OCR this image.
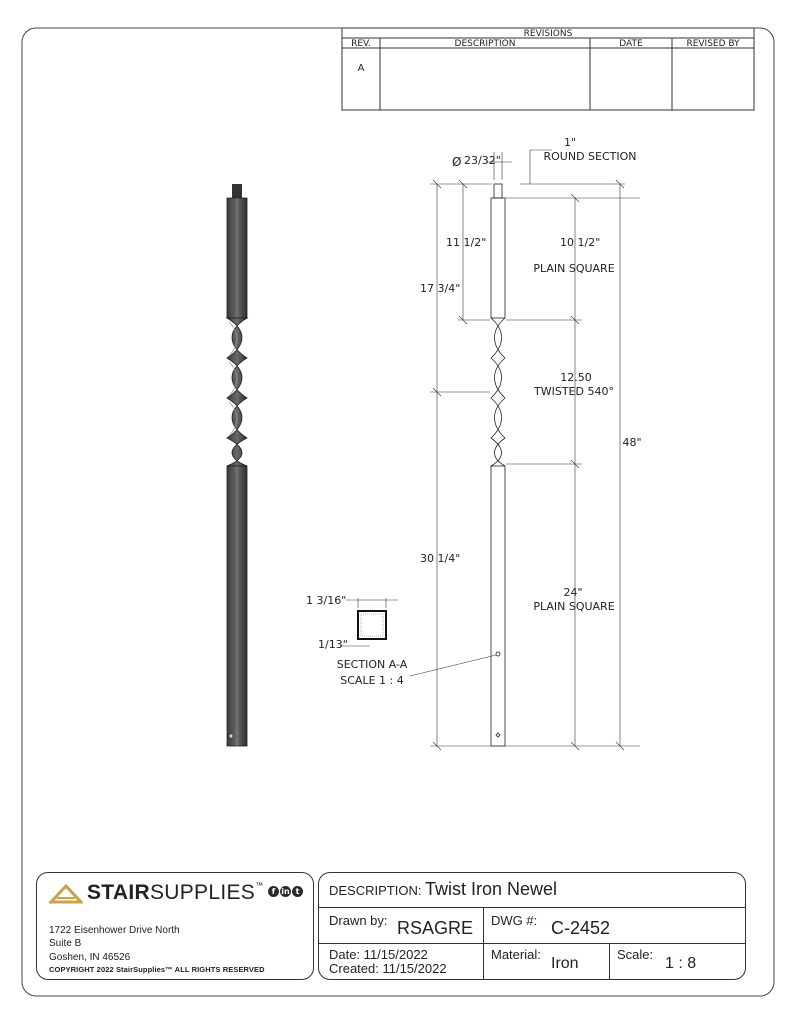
REVISIONS
REV.	DESCRIPTION	DATE	REVISED BY
A
Ø 23/32"
1"
ROUND SECTION
11 1/2"	10 1/2"
PLAIN SQUARE
17 3/4"
12.50
TWISTED 540°
48"
30 1/4"
24"
PLAIN SQUARE
1 3/16"
1/13"
SECTION A-A
SCALE 1 : 4
STAIRSUPPLIES™
f in t
1722 Eisenhower Drive North
Suite B
Goshen, IN 46526
COPYRIGHT 2022 StairSupplies™ ALL RIGHTS RESERVED
DESCRIPTION: Twist Iron Newel
Drawn by: RSAGRE DWG #: C-2452
Date: 11/15/2022
Created: 11/15/2022
Material:
Iron
Scale:
1 : 8
